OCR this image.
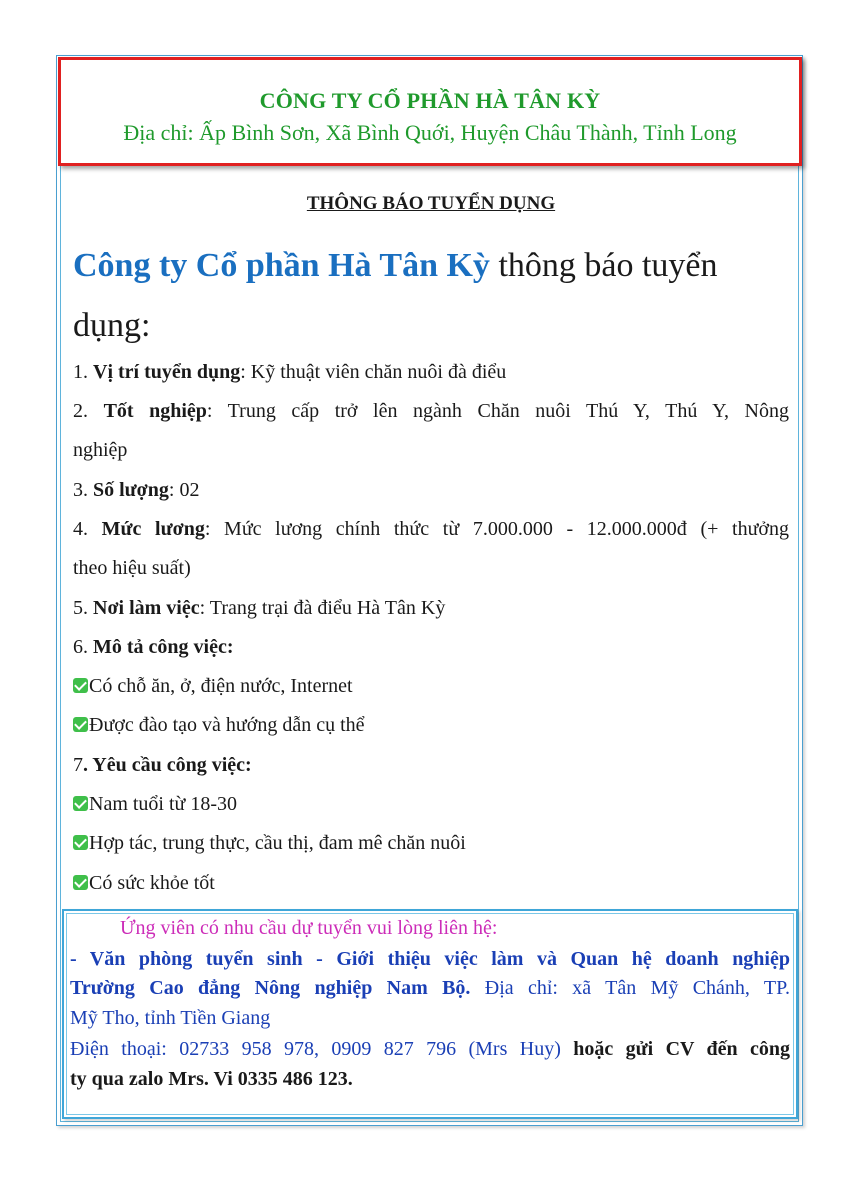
CÔNG TY CỔ PHẦN HÀ TÂN KỲ
Địa chỉ: Ấp Bình Sơn, Xã Bình Quới, Huyện Châu Thành, Tỉnh Long
THÔNG BÁO TUYỂN DỤNG
Công ty Cổ phần Hà Tân Kỳ thông báo tuyển
dụng:
1. Vị trí tuyển dụng: Kỹ thuật viên chăn nuôi đà điểu
2. Tốt nghiệp: Trung cấp trở lên ngành Chăn nuôi Thú Y, Thú Y, Nông
nghiệp
3. Số lượng: 02
4. Mức lương: Mức lương chính thức từ 7.000.000 - 12.000.000đ (+ thưởng
theo hiệu suất)
5. Nơi làm việc: Trang trại đà điểu Hà Tân Kỳ
6. Mô tả công việc:
Có chỗ ăn, ở, điện nước, Internet
Được đào tạo và hướng dẫn cụ thể
7. Yêu cầu công việc:
Nam tuổi từ 18-30
Hợp tác, trung thực, cầu thị, đam mê chăn nuôi
Có sức khỏe tốt
Ứng viên có nhu cầu dự tuyển vui lòng liên hệ:
- Văn phòng tuyển sinh - Giới thiệu việc làm và Quan hệ doanh nghiệp
Trường Cao đẳng Nông nghiệp Nam Bộ. Địa chỉ: xã Tân Mỹ Chánh, TP.
Mỹ Tho, tỉnh Tiền Giang
Điện thoại: 02733 958 978, 0909 827 796 (Mrs Huy) hoặc gửi CV đến công
ty qua zalo Mrs. Vi 0335 486 123.
